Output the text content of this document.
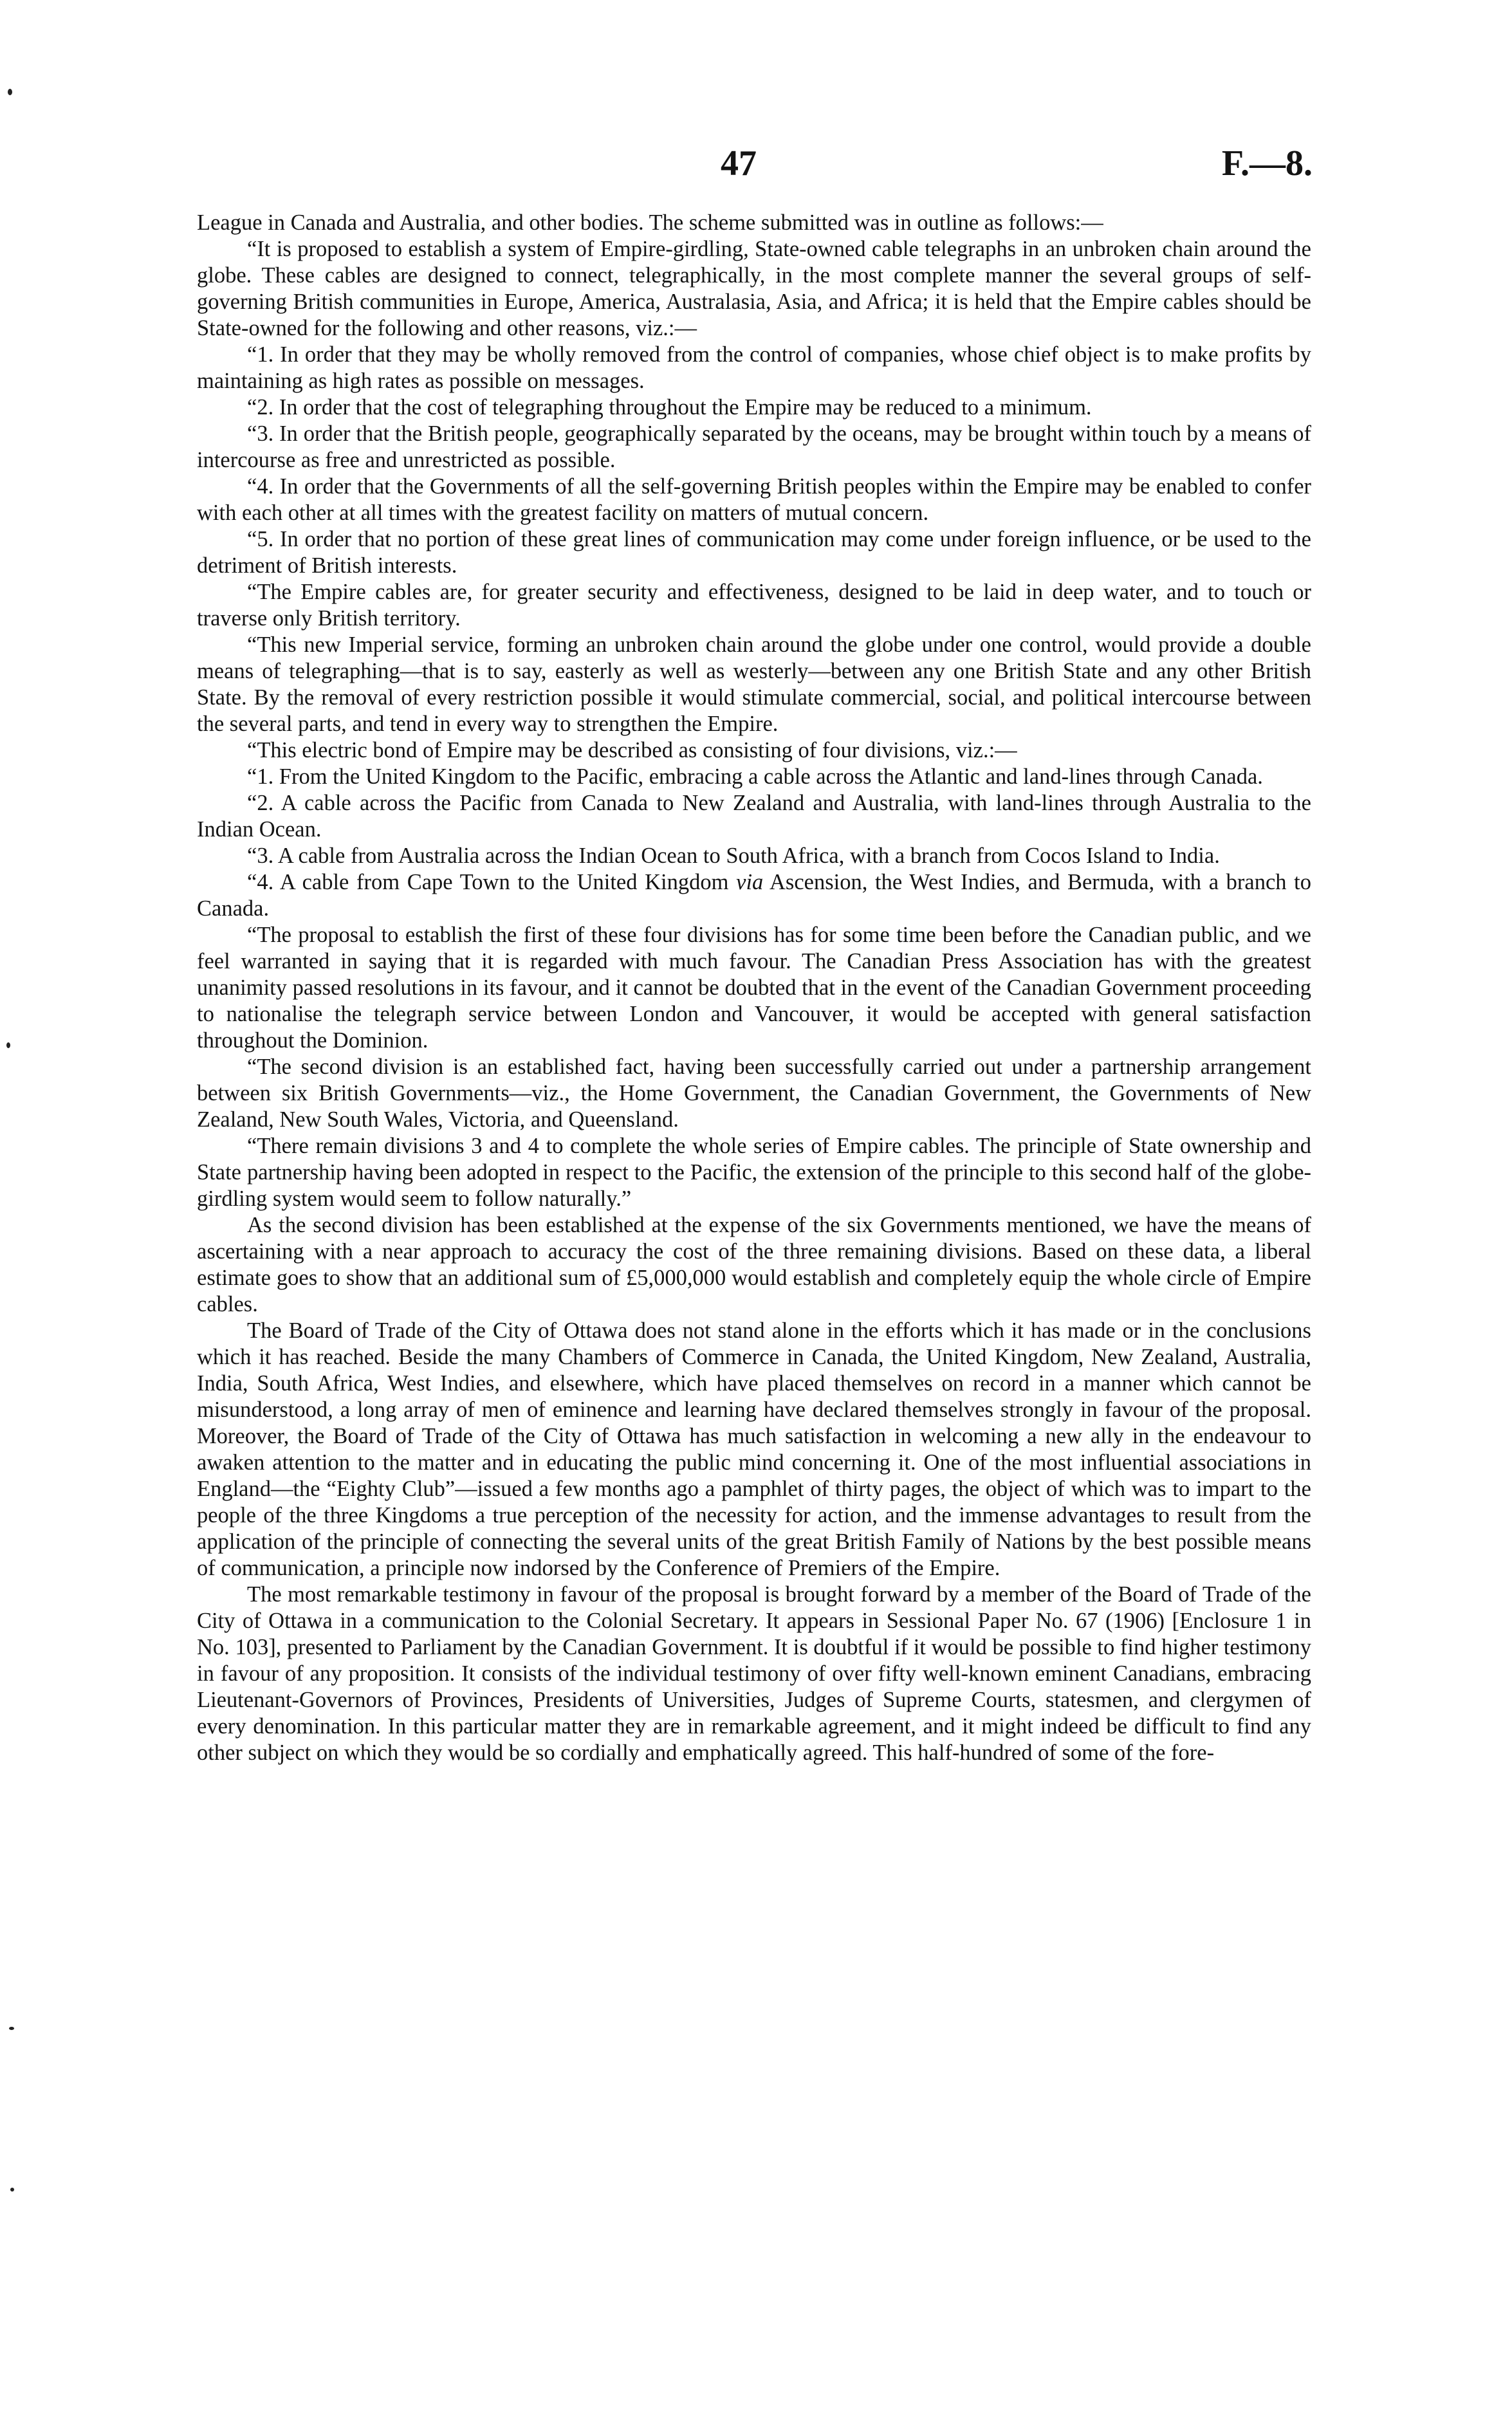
47	F.—8.

League in Canada and Australia, and other bodies. The scheme submitted was in outline as follows:—

“It is proposed to establish a system of Empire-girdling, State-owned cable telegraphs in an unbroken chain around the globe. These cables are designed to connect, telegraphically, in the most complete manner the several groups of self-governing British communities in Europe, America, Australasia, Asia, and Africa; it is held that the Empire cables should be State-owned for the following and other reasons, viz.:—

“1. In order that they may be wholly removed from the control of companies, whose chief object is to make profits by maintaining as high rates as possible on messages.

“2. In order that the cost of telegraphing throughout the Empire may be reduced to a minimum.

“3. In order that the British people, geographically separated by the oceans, may be brought within touch by a means of intercourse as free and unrestricted as possible.

“4. In order that the Governments of all the self-governing British peoples within the Empire may be enabled to confer with each other at all times with the greatest facility on matters of mutual concern.

“5. In order that no portion of these great lines of communication may come under foreign influence, or be used to the detriment of British interests.

“The Empire cables are, for greater security and effectiveness, designed to be laid in deep water, and to touch or traverse only British territory.

“This new Imperial service, forming an unbroken chain around the globe under one control, would provide a double means of telegraphing—that is to say, easterly as well as westerly—between any one British State and any other British State. By the removal of every restriction possible it would stimulate commercial, social, and political intercourse between the several parts, and tend in every way to strengthen the Empire.

“This electric bond of Empire may be described as consisting of four divisions, viz.:—

“1. From the United Kingdom to the Pacific, embracing a cable across the Atlantic and land-lines through Canada.

“2. A cable across the Pacific from Canada to New Zealand and Australia, with land-lines through Australia to the Indian Ocean.

“3. A cable from Australia across the Indian Ocean to South Africa, with a branch from Cocos Island to India.

“4. A cable from Cape Town to the United Kingdom via Ascension, the West Indies, and Bermuda, with a branch to Canada.

“The proposal to establish the first of these four divisions has for some time been before the Canadian public, and we feel warranted in saying that it is regarded with much favour. The Canadian Press Association has with the greatest unanimity passed resolutions in its favour, and it cannot be doubted that in the event of the Canadian Government proceeding to nationalise the telegraph service between London and Vancouver, it would be accepted with general satisfaction throughout the Dominion.

“The second division is an established fact, having been successfully carried out under a partnership arrangement between six British Governments—viz., the Home Government, the Canadian Government, the Governments of New Zealand, New South Wales, Victoria, and Queensland.

“There remain divisions 3 and 4 to complete the whole series of Empire cables. The principle of State ownership and State partnership having been adopted in respect to the Pacific, the extension of the principle to this second half of the globe-girdling system would seem to follow naturally.”

As the second division has been established at the expense of the six Governments mentioned, we have the means of ascertaining with a near approach to accuracy the cost of the three remaining divisions. Based on these data, a liberal estimate goes to show that an additional sum of £5,000,000 would establish and completely equip the whole circle of Empire cables.

The Board of Trade of the City of Ottawa does not stand alone in the efforts which it has made or in the conclusions which it has reached. Beside the many Chambers of Commerce in Canada, the United Kingdom, New Zealand, Australia, India, South Africa, West Indies, and elsewhere, which have placed themselves on record in a manner which cannot be misunderstood, a long array of men of eminence and learning have declared themselves strongly in favour of the proposal. Moreover, the Board of Trade of the City of Ottawa has much satisfaction in welcoming a new ally in the endeavour to awaken attention to the matter and in educating the public mind concerning it. One of the most influential associations in England—the “Eighty Club”—issued a few months ago a pamphlet of thirty pages, the object of which was to impart to the people of the three Kingdoms a true perception of the necessity for action, and the immense advantages to result from the application of the principle of connecting the several units of the great British Family of Nations by the best possible means of communication, a principle now indorsed by the Conference of Premiers of the Empire.

The most remarkable testimony in favour of the proposal is brought forward by a member of the Board of Trade of the City of Ottawa in a communication to the Colonial Secretary. It appears in Sessional Paper No. 67 (1906) [Enclosure 1 in No. 103], presented to Parliament by the Canadian Government. It is doubtful if it would be possible to find higher testimony in favour of any proposition. It consists of the individual testimony of over fifty well-known eminent Canadians, embracing Lieutenant-Governors of Provinces, Presidents of Universities, Judges of Supreme Courts, statesmen, and clergymen of every denomination. In this particular matter they are in remarkable agreement, and it might indeed be difficult to find any other subject on which they would be so cordially and emphatically agreed. This half-hundred of some of the fore-
